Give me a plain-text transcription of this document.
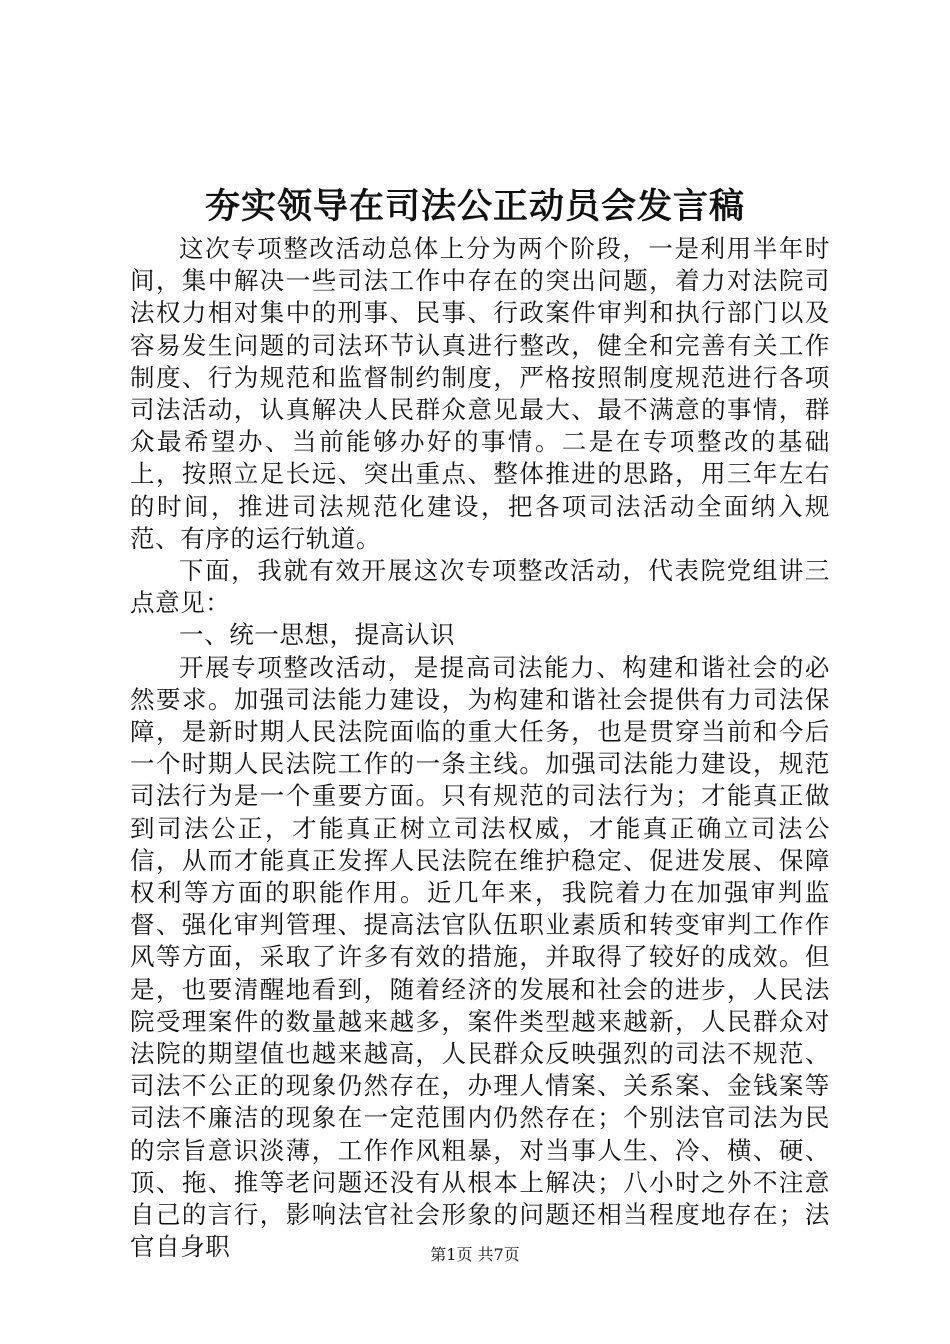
夯实领导在司法公正动员会发言稿

这次专项整改活动总体上分为两个阶段，一是利用半年时间，集中解决一些司法工作中存在的突出问题，着力对法院司法权力相对集中的刑事、民事、行政案件审判和执行部门以及容易发生问题的司法环节认真进行整改，健全和完善有关工作制度、行为规范和监督制约制度，严格按照制度规范进行各项司法活动，认真解决人民群众意见最大、最不满意的事情，群众最希望办、当前能够办好的事情。二是在专项整改的基础上，按照立足长远、突出重点、整体推进的思路，用三年左右的时间，推进司法规范化建设，把各项司法活动全面纳入规范、有序的运行轨道。

下面，我就有效开展这次专项整改活动，代表院党组讲三点意见：

一、统一思想，提高认识

开展专项整改活动，是提高司法能力、构建和谐社会的必然要求。加强司法能力建设，为构建和谐社会提供有力司法保障，是新时期人民法院面临的重大任务，也是贯穿当前和今后一个时期人民法院工作的一条主线。加强司法能力建设，规范司法行为是一个重要方面。只有规范的司法行为；才能真正做到司法公正，才能真正树立司法权威，才能真正确立司法公信，从而才能真正发挥人民法院在维护稳定、促进发展、保障权利等方面的职能作用。近几年来，我院着力在加强审判监督、强化审判管理、提高法官队伍职业素质和转变审判工作作风等方面，采取了许多有效的措施，并取得了较好的成效。但是，也要清醒地看到，随着经济的发展和社会的进步，人民法院受理案件的数量越来越多，案件类型越来越新，人民群众对法院的期望值也越来越高，人民群众反映强烈的司法不规范、司法不公正的现象仍然存在，办理人情案、关系案、金钱案等司法不廉洁的现象在一定范围内仍然存在；个别法官司法为民的宗旨意识淡薄，工作作风粗暴，对当事人生、冷、横、硬、顶、拖、推等老问题还没有从根本上解决；八小时之外不注意自己的言行，影响法官社会形象的问题还相当程度地存在；法官自身职	第1页 共7页
